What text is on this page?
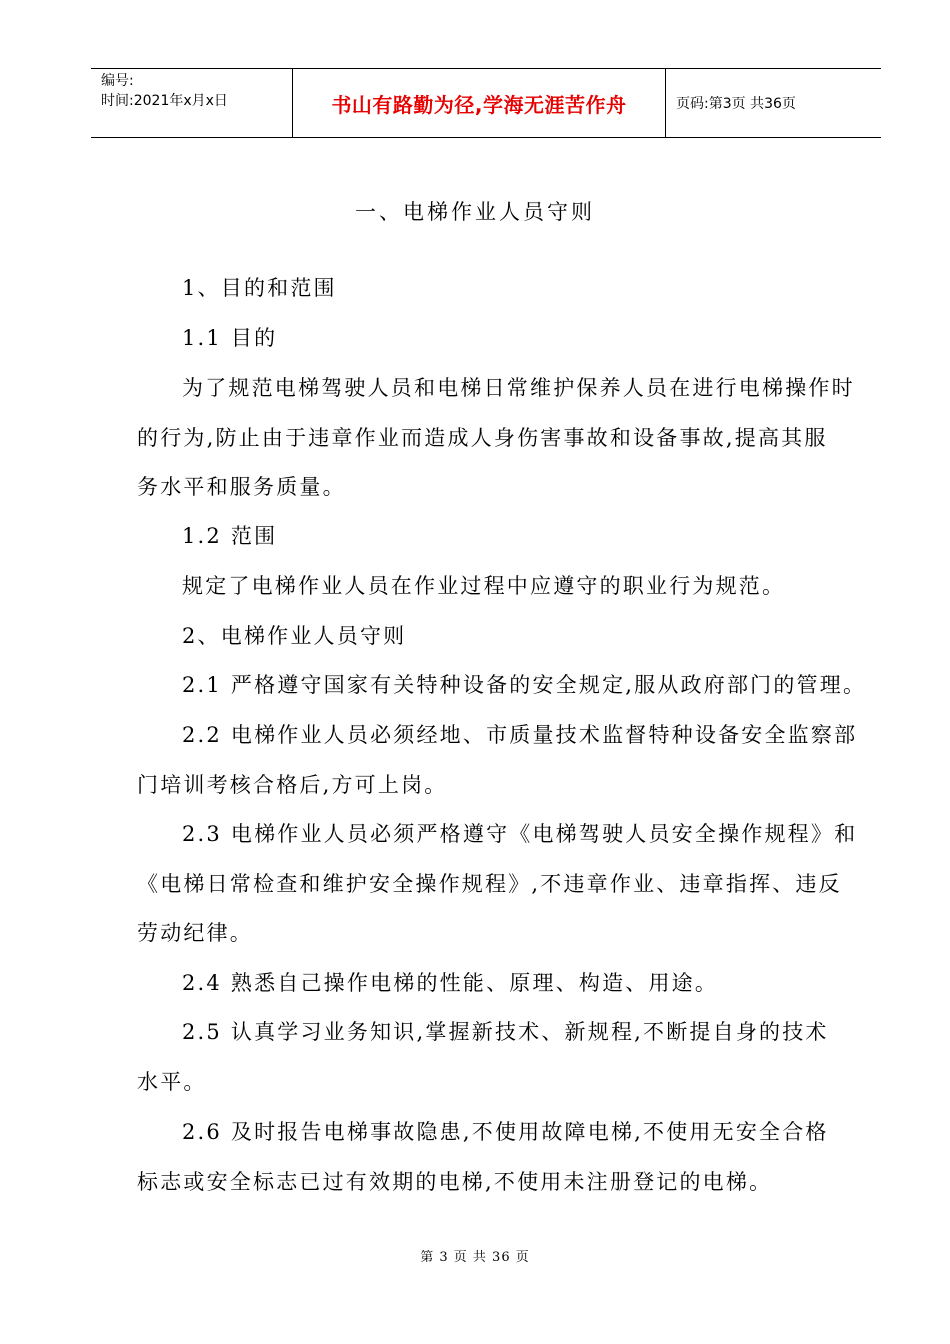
编号:
时间:2021年x月x日	书山有路勤为径,学海无涯苦作舟	页码:第3页 共36页
一、电梯作业人员守则

1、目的和范围

1.1 目的

为了规范电梯驾驶人员和电梯日常维护保养人员在进行电梯操作时
的行为,防止由于违章作业而造成人身伤害事故和设备事故,提高其服
务水平和服务质量。

1.2 范围

规定了电梯作业人员在作业过程中应遵守的职业行为规范。

2、电梯作业人员守则

2.1 严格遵守国家有关特种设备的安全规定,服从政府部门的管理。

2.2 电梯作业人员必须经地、市质量技术监督特种设备安全监察部
门培训考核合格后,方可上岗。

2.3 电梯作业人员必须严格遵守《电梯驾驶人员安全操作规程》和
《电梯日常检查和维护安全操作规程》,不违章作业、违章指挥、违反
劳动纪律。

2.4 熟悉自己操作电梯的性能、原理、构造、用途。

2.5 认真学习业务知识,掌握新技术、新规程,不断提自身的技术
水平。

2.6 及时报告电梯事故隐患,不使用故障电梯,不使用无安全合格
标志或安全标志已过有效期的电梯,不使用未注册登记的电梯。

第 3 页 共 36 页
